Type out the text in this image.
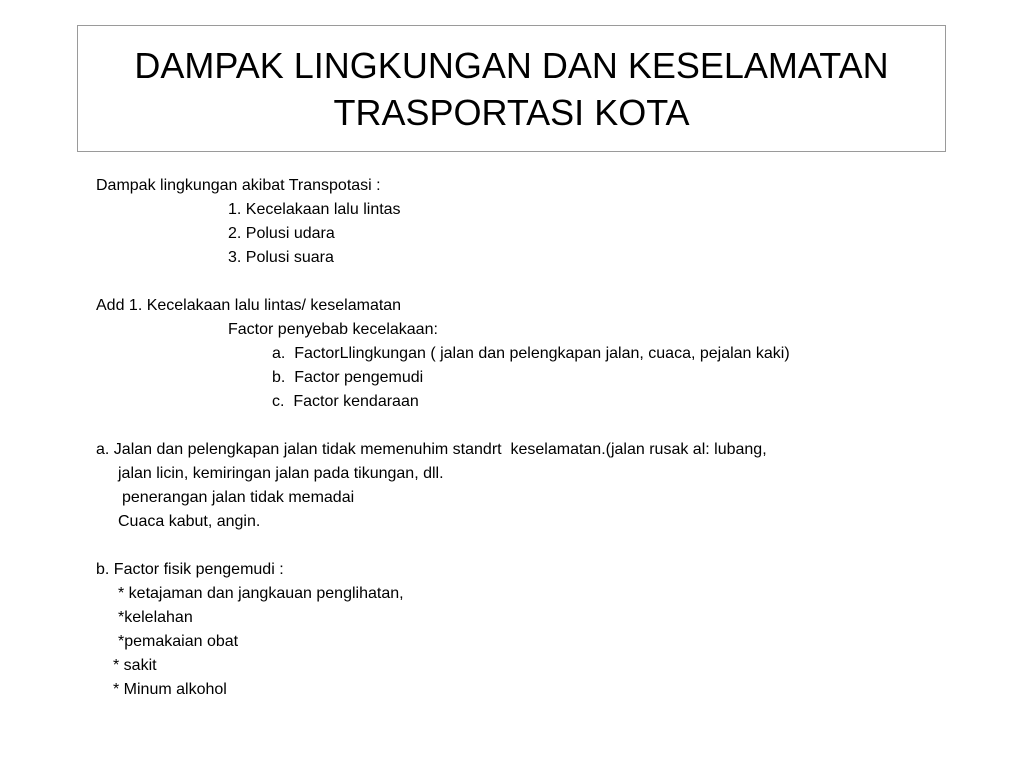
DAMPAK LINGKUNGAN DAN KESELAMATAN
TRASPORTASI KOTA
Dampak lingkungan akibat Transpotasi :
1. Kecelakaan lalu lintas
2. Polusi udara
3. Polusi suara
Add 1. Kecelakaan lalu lintas/ keselamatan
Factor penyebab kecelakaan:
a.  FactorLlingkungan ( jalan dan pelengkapan jalan, cuaca, pejalan kaki)
b.  Factor pengemudi
c.  Factor kendaraan
a. Jalan dan pelengkapan jalan tidak memenuhim standrt  keselamatan.(jalan rusak al: lubang,
jalan licin, kemiringan jalan pada tikungan, dll.
penerangan jalan tidak memadai
Cuaca kabut, angin.
b. Factor fisik pengemudi :
* ketajaman dan jangkauan penglihatan,
*kelelahan
*pemakaian obat
* sakit
* Minum alkohol
